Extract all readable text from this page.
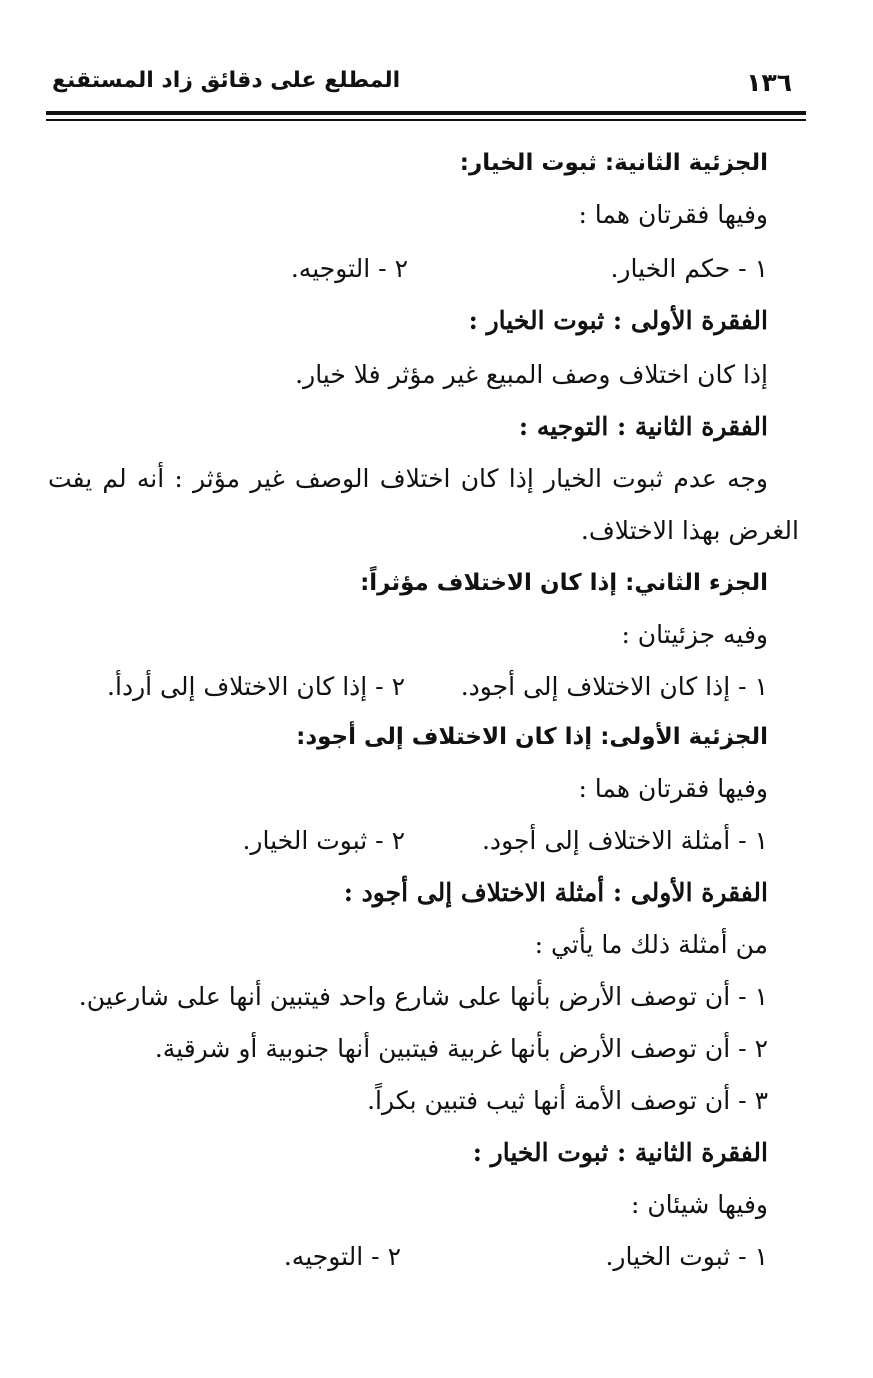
١٣٦
المطلع على دقائق زاد المستقنع
الجزئية الثانية: ثبوت الخيار:
وفيها فقرتان هما :
١ - حكم الخيار.
٢ - التوجيه.
الفقرة الأولى : ثبوت الخيار :
إذا كان اختلاف وصف المبيع غير مؤثر فلا خيار.
الفقرة الثانية : التوجيه :
وجه عدم ثبوت الخيار إذا كان اختلاف الوصف غير مؤثر : أنه لم يفت
الغرض بهذا الاختلاف.
الجزء الثاني: إذا كان الاختلاف مؤثراً:
وفيه جزئيتان :
١ - إذا كان الاختلاف إلى أجود.
٢ - إذا كان الاختلاف إلى أردأ.
الجزئية الأولى: إذا كان الاختلاف إلى أجود:
وفيها فقرتان هما :
١ - أمثلة الاختلاف إلى أجود.
٢ - ثبوت الخيار.
الفقرة الأولى : أمثلة الاختلاف إلى أجود :
من أمثلة ذلك ما يأتي :
١ - أن توصف الأرض بأنها على شارع واحد فيتبين أنها على شارعين.
٢ - أن توصف الأرض بأنها غربية فيتبين أنها جنوبية أو شرقية.
٣ - أن توصف الأمة أنها ثيب فتبين بكراً.
الفقرة الثانية : ثبوت الخيار :
وفيها شيئان :
١ - ثبوت الخيار.
٢ - التوجيه.
